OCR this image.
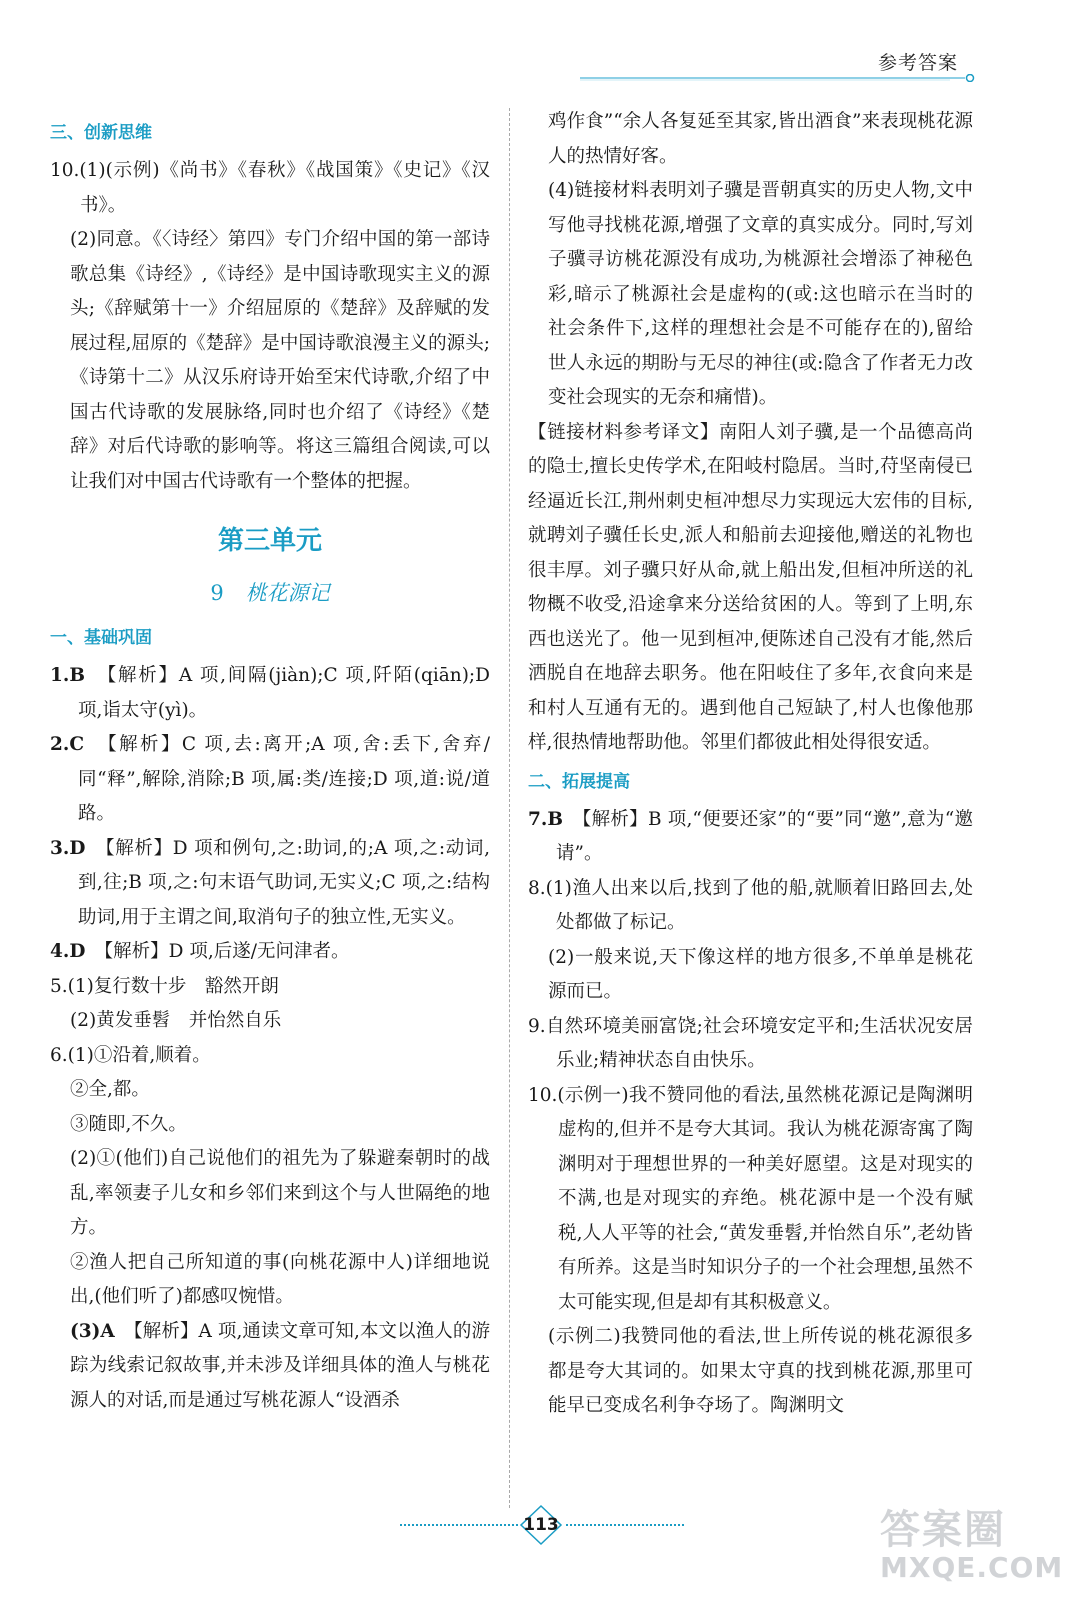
参考答案
三、创新思维

10.(1)(示例)《尚书》《春秋》《战国策》《史记》《汉书》。

(2)同意。《〈诗经〉第四》专门介绍中国的第一部诗歌总集《诗经》,《诗经》是中国诗歌现实主义的源头;《辞赋第十一》介绍屈原的《楚辞》及辞赋的发展过程,屈原的《楚辞》是中国诗歌浪漫主义的源头;《诗第十二》从汉乐府诗开始至宋代诗歌,介绍了中国古代诗歌的发展脉络,同时也介绍了《诗经》《楚辞》对后代诗歌的影响等。将这三篇组合阅读,可以让我们对中国古代诗歌有一个整体的把握。

第三单元
9 桃花源记
一、基础巩固

1.B　 【解析】A 项,间隔(jiàn);C 项,阡陌(qiān);D 项,诣太守(yì)。

2.C　 【解析】C 项,去:离开;A 项,舍:丢下,舍弃/同“释”,解除,消除;B 项,属:类/连接;D 项,道:说/道路。

3.D　 【解析】D 项和例句,之:助词,的;A 项,之:动词,到,往;B 项,之:句末语气助词,无实义;C 项,之:结构助词,用于主谓之间,取消句子的独立性,无实义。

4.D　 【解析】D 项,后遂/无问津者。

5.(1)复行数十步　豁然开朗

(2)黄发垂髫　并怡然自乐

6.(1)①沿着,顺着。

②全,都。

③随即,不久。

(2)①(他们)自己说他们的祖先为了躲避秦朝时的战乱,率领妻子儿女和乡邻们来到这个与人世隔绝的地方。

②渔人把自己所知道的事(向桃花源中人)详细地说出,(他们听了)都感叹惋惜。

(3)A　 【解析】A 项,通读文章可知,本文以渔人的游踪为线索记叙故事,并未涉及详细具体的渔人与桃花源人的对话,而是通过写桃花源人“设酒杀

鸡作食”“余人各复延至其家,皆出酒食”来表现桃花源人的热情好客。

(4)链接材料表明刘子骥是晋朝真实的历史人物,文中写他寻找桃花源,增强了文章的真实成分。同时,写刘子骥寻访桃花源没有成功,为桃源社会增添了神秘色彩,暗示了桃源社会是虚构的(或:这也暗示在当时的社会条件下,这样的理想社会是不可能存在的),留给世人永远的期盼与无尽的神往(或:隐含了作者无力改变社会现实的无奈和痛惜)。

【链接材料参考译文】南阳人刘子骥,是一个品德高尚的隐士,擅长史传学术,在阳岐村隐居。当时,苻坚南侵已经逼近长江,荆州刺史桓冲想尽力实现远大宏伟的目标,就聘刘子骥任长史,派人和船前去迎接他,赠送的礼物也很丰厚。刘子骥只好从命,就上船出发,但桓冲所送的礼物概不收受,沿途拿来分送给贫困的人。等到了上明,东西也送光了。他一见到桓冲,便陈述自己没有才能,然后洒脱自在地辞去职务。他在阳岐住了多年,衣食向来是和村人互通有无的。遇到他自己短缺了,村人也像他那样,很热情地帮助他。邻里们都彼此相处得很安适。

二、拓展提高

7.B　 【解析】B 项,“便要还家”的“要”同“邀”,意为“邀请”。

8.(1)渔人出来以后,找到了他的船,就顺着旧路回去,处处都做了标记。

(2)一般来说,天下像这样的地方很多,不单单是桃花源而已。

9.自然环境美丽富饶;社会环境安定平和;生活状况安居乐业;精神状态自由快乐。

10.(示例一)我不赞同他的看法,虽然桃花源记是陶渊明虚构的,但并不是夸大其词。我认为桃花源寄寓了陶渊明对于理想世界的一种美好愿望。这是对现实的不满,也是对现实的弃绝。桃花源中是一个没有赋税,人人平等的社会,“黄发垂髫,并怡然自乐”,老幼皆有所养。这是当时知识分子的一个社会理想,虽然不太可能实现,但是却有其积极意义。

(示例二)我赞同他的看法,世上所传说的桃花源很多都是夸大其词的。如果太守真的找到桃花源,那里可能早已变成名利争夺场了。陶渊明文

113	答案圈
MXQE.COM
